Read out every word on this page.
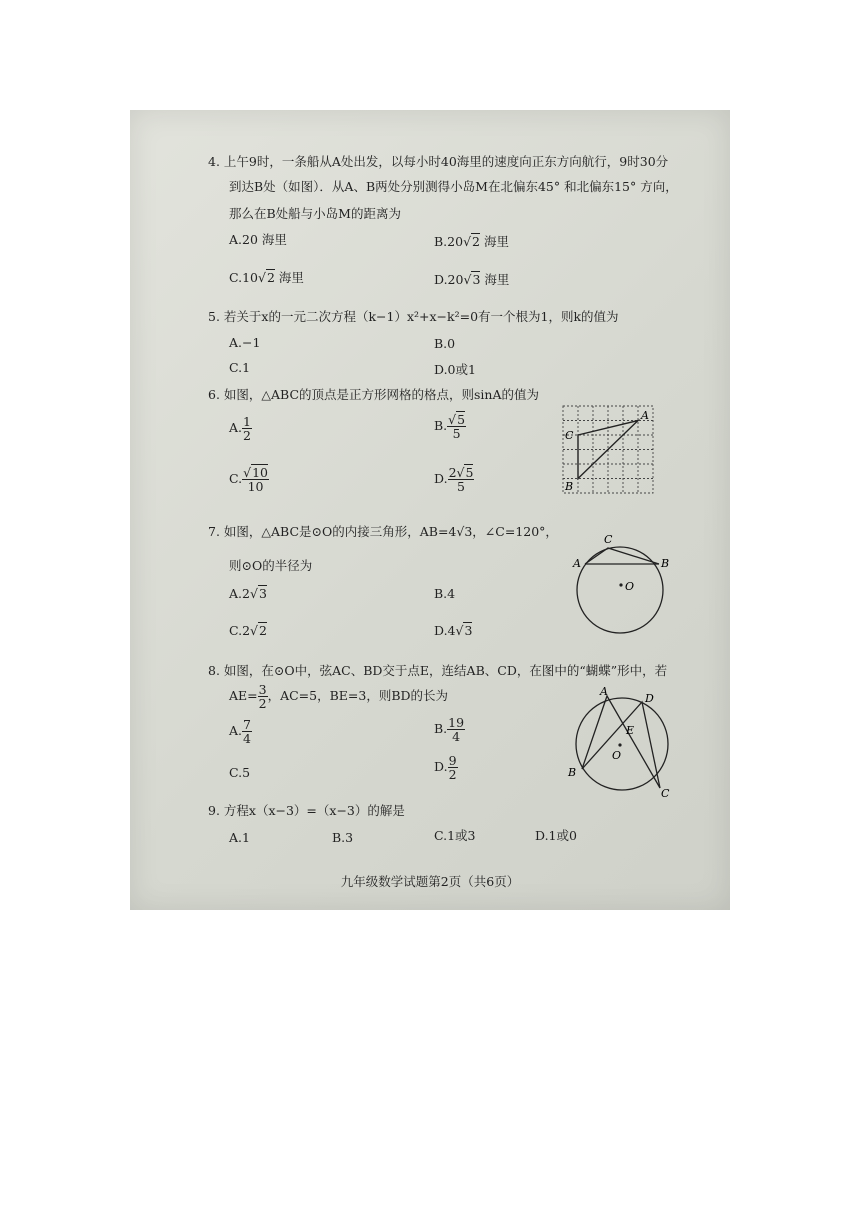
4. 上午9时，一条船从A处出发，以每小时40海里的速度向正东方向航行，9时30分
到达B处（如图）．从A、B两处分别测得小岛M在北偏东45° 和北偏东15° 方向，
那么在B处船与小岛M的距离为
A.20 海里	B.20√2 海里
C.10√2 海里	D.20√3 海里
5. 若关于x的一元二次方程（k−1）x²+x−k²=0有一个根为1，则k的值为
A.−1	B.0
C.1	D.0或1
6. 如图，△ABC的顶点是正方形网格的格点，则sinA的值为
A. $\frac{1}{2}$	B. $\frac{√5}{5}$
C. $\frac{√10}{10}$	D. $\frac{2√5}{5}$
A
C
B
7. 如图，△ABC是⊙O的内接三角形，AB=4√3，∠C=120°，
则⊙O的半径为
A.2√3	B.4
C.2√2	D.4√3
C
A	B
O
8. 如图，在⊙O中，弦AC、BD交于点E，连结AB、CD，在图中的“蝴蝶”形中，若
$AE= \frac{3}{2}$ ，AC=5，BE=3，则BD的长为
A. $\frac{7}{4}$	B. $\frac{19}{4}$
C.5	D. $\frac{9}{2}$
A
D
E
O
B
C
9. 方程x（x−3）=（x−3）的解是
A.1	B.3	C.1或3	D.1或0
九年级数学试题第2页（共6页）
